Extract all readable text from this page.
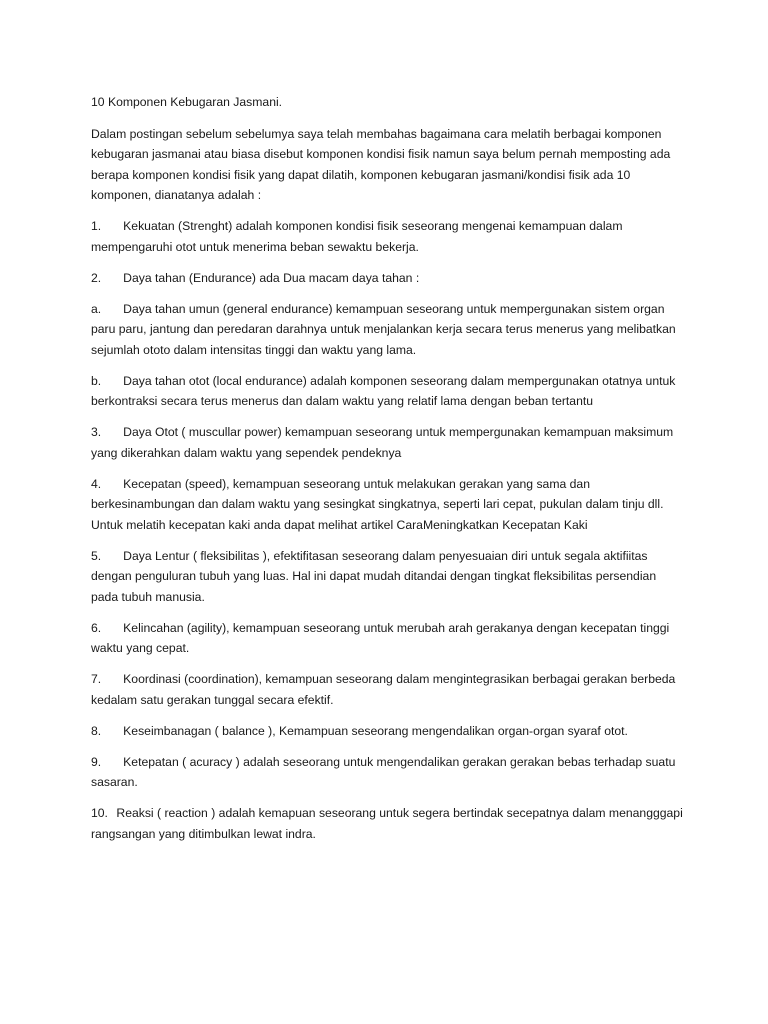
10 Komponen Kebugaran Jasmani.

Dalam postingan sebelum sebelumya saya telah membahas bagaimana cara melatih berbagai komponen kebugaran jasmanai atau biasa disebut komponen kondisi fisik namun saya belum pernah memposting ada berapa komponen kondisi fisik yang dapat dilatih, komponen kebugaran jasmani/kondisi fisik ada 10 komponen, dianatanya adalah :

1. Kekuatan (Strenght) adalah komponen kondisi fisik seseorang mengenai kemampuan dalam mempengaruhi otot untuk menerima beban sewaktu bekerja.

2. Daya tahan (Endurance) ada Dua macam daya tahan :

a. Daya tahan umun (general endurance) kemampuan seseorang untuk mempergunakan sistem organ paru paru, jantung dan peredaran darahnya untuk menjalankan kerja secara terus menerus yang melibatkan sejumlah ototo dalam intensitas tinggi dan waktu yang lama.

b. Daya tahan otot (local endurance) adalah komponen seseorang dalam mempergunakan otatnya untuk berkontraksi secara terus menerus dan dalam waktu yang relatif lama dengan beban tertantu

3. Daya Otot ( muscullar power) kemampuan seseorang untuk mempergunakan kemampuan maksimum yang dikerahkan dalam waktu yang sependek pendeknya

4. Kecepatan (speed), kemampuan seseorang untuk melakukan gerakan yang sama dan berkesinambungan dan dalam waktu yang sesingkat singkatnya, seperti lari cepat, pukulan dalam tinju dll. Untuk melatih kecepatan kaki anda dapat melihat artikel CaraMeningkatkan Kecepatan Kaki

5. Daya Lentur ( fleksibilitas ), efektifitasan seseorang dalam penyesuaian diri untuk segala aktifiitas dengan penguluran tubuh yang luas. Hal ini dapat mudah ditandai dengan tingkat fleksibilitas persendian pada tubuh manusia.

6. Kelincahan (agility), kemampuan seseorang untuk merubah arah gerakanya dengan kecepatan tinggi waktu yang cepat.

7. Koordinasi (coordination), kemampuan seseorang dalam mengintegrasikan berbagai gerakan berbeda kedalam satu gerakan tunggal secara efektif.

8. Keseimbanagan ( balance ), Kemampuan seseorang mengendalikan organ-organ syaraf otot.

9. Ketepatan ( acuracy ) adalah seseorang untuk mengendalikan gerakan gerakan bebas terhadap suatu sasaran.

10. Reaksi ( reaction ) adalah kemapuan seseorang untuk segera bertindak secepatnya dalam menangggapi rangsangan yang ditimbulkan lewat indra.
